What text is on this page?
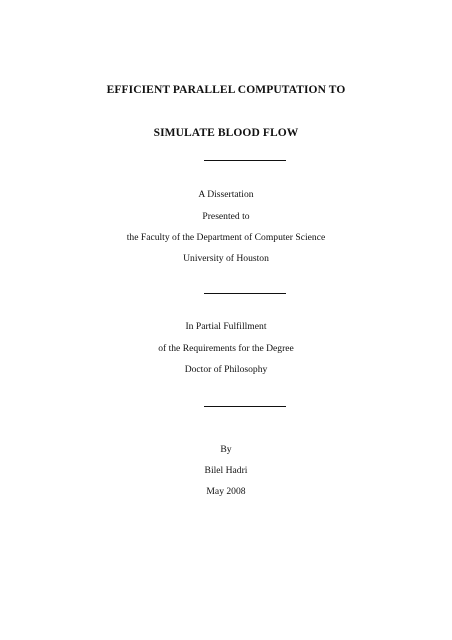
EFFICIENT PARALLEL COMPUTATION TO
SIMULATE BLOOD FLOW
A Dissertation
Presented to
the Faculty of the Department of Computer Science
University of Houston
In Partial Fulfillment
of the Requirements for the Degree
Doctor of Philosophy
By
Bilel Hadri
May 2008
